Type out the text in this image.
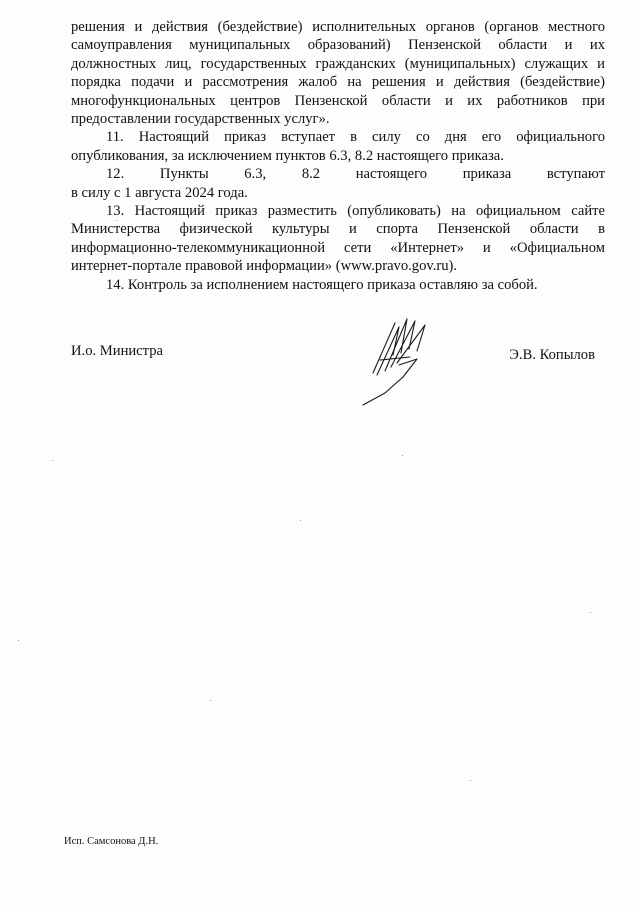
решения и действия (бездействие) исполнительных органов (органов местного
самоуправления муниципальных образований) Пензенской области и их
должностных лиц, государственных гражданских (муниципальных) служащих и
порядка подачи и рассмотрения жалоб на решения и действия (бездействие)
многофункциональных центров Пензенской области и их работников при
предоставлении государственных услуг».

11. Настоящий приказ вступает в силу со дня его официального
опубликования, за исключением пунктов 6.3, 8.2 настоящего приказа.

12. Пункты 6.3, 8.2 настоящего приказа вступают
в силу с 1 августа 2024 года.

13. Настоящий приказ разместить (опубликовать) на официальном сайте
Министерства физической культуры и спорта Пензенской области в
информационно-телекоммуникационной сети «Интернет» и «Официальном
интернет-портале правовой информации» (www.pravo.gov.ru).

14. Контроль за исполнением настоящего приказа оставляю за собой.

И.о. Министра	Э.В. Копылов
Исп. Самсонова Д.Н.
